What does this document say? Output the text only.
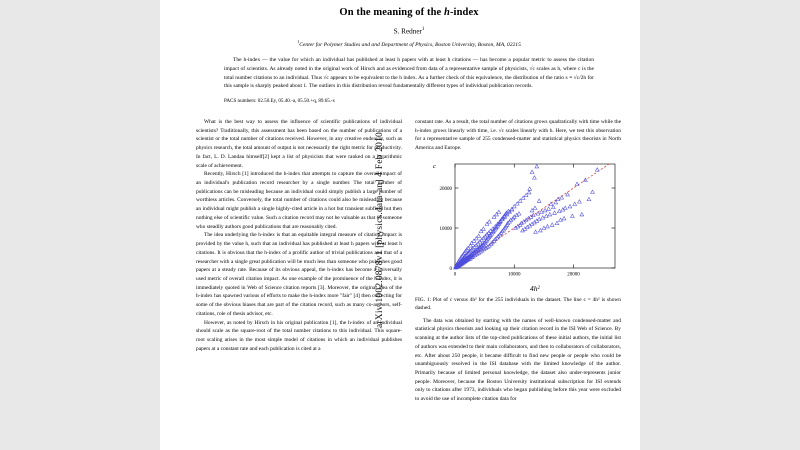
arXiv:1002.0878v1 [physics.data-an] 4 Feb 2010
On the meaning of the h-index
S. Redner$^1$
$^1$Center for Polymer Studies and and Department of Physics, Boston University, Boston, MA, 02215
The h-index — the value for which an individual has published at least h papers with at least h citations — has become a popular metric to assess the citation impact of scientists. As already noted in the original work of Hirsch and as evidenced from data of a representative sample of physicists, √c scales as h, where c is the total number citations to an individual. Thus √c appears to be equivalent to the h index. As a further check of this equivalence, the distribution of the ratio s ≡ √c/2h for this sample is sharply peaked about 1. The outliers in this distribution reveal fundamentally different types of individual publication records.
PACS numbers: 02.50.Ey, 05.40.-a, 05.50.+q, 89.65.-s

What is the best way to assess the influence of scientific publications of individual scientists? Traditionally, this assessment has been based on the number of publications of a scientist or the total number of citations received. However, in any creative endeavor, such as physics research, the total amount of output is not necessarily the right metric for productivity. In fact, L. D. Landau himself[2] kept a list of physicists that were ranked on a logarithmic scale of achievement.

Recently, Hirsch [1] introduced the h-index that attempts to capture the overall impact of an individual's publication record researcher by a single number. The total number of publications can be misleading because an individual could simply publish a large number of worthless articles. Conversely, the total number of citations could also be misleading because an individual might publish a single highly-cited article in a hot but transient subfield but then nothing else of scientific value. Such a citation record may not be valuable as that of someone who steadily authors good publications that are reasonably cited.

The idea underlying the h-index is that an equitable integral measure of citation impact is provided by the value h, such that an individual has published at least h papers with at least h citations. It is obvious that the h-index of a prolific author of trivial publications and that of a researcher with a single great publication will be much less than someone who publishes good papers at a steady rate. Because of its obvious appeal, the h-index has become a universally used metric of overall citation impact. As one example of the prominence of the h-index, it is immediately quoted in Web of Science citation reports [3]. Moreover, the original idea of the h-index has spawned various of efforts to make the h-index more "fair" [4] then correcting for some of the obvious biases that are part of the citation record, such as many co-authors, self-citations, role of thesis advisor, etc.

However, as noted by Hirsch in his original publication [1], the h-index of an individual should scale as the square-root of the total number citations to this individual. This square-root scaling arises in the most simple model of citations in which an individual publishes papers at a constant rate and each publication is cited at a

constant rate. As a result, the total number of citations grows quadratically with time while the h-index grows linearly with time, i.e. √c scales linearly with h. Here, we test this observation for a representative sample of 255 condensed-matter and statistical physics theorists in North America and Europe.

0	10000	20000
0
10000
20000
c
$4h^2$
FIG. 1: Plot of c versus 4h² for the 255 individuals in the dataset. The line c = 4h² is shown dashed.

The data was obtained by starting with the names of well-known condensed-matter and statistical physics theorists and looking up their citation record in the ISI Web of Science. By scanning at the author lists of the top-cited publications of these initial authors, the initial list of authors was extended to their main collaborators, and then to collaborators of collaborators, etc. After about 250 people, it became difficult to find new people or people who could be unambiguously resolved in the ISI database with the limited knowledge of the author. Primarily because of limited personal knowledge, the dataset also under-represents junior people. Moreover, because the Boston University institutional subscription for ISI extends only to citations after 1973, individuals who began publishing before this year were excluded to avoid the use of incomplete citation data for
